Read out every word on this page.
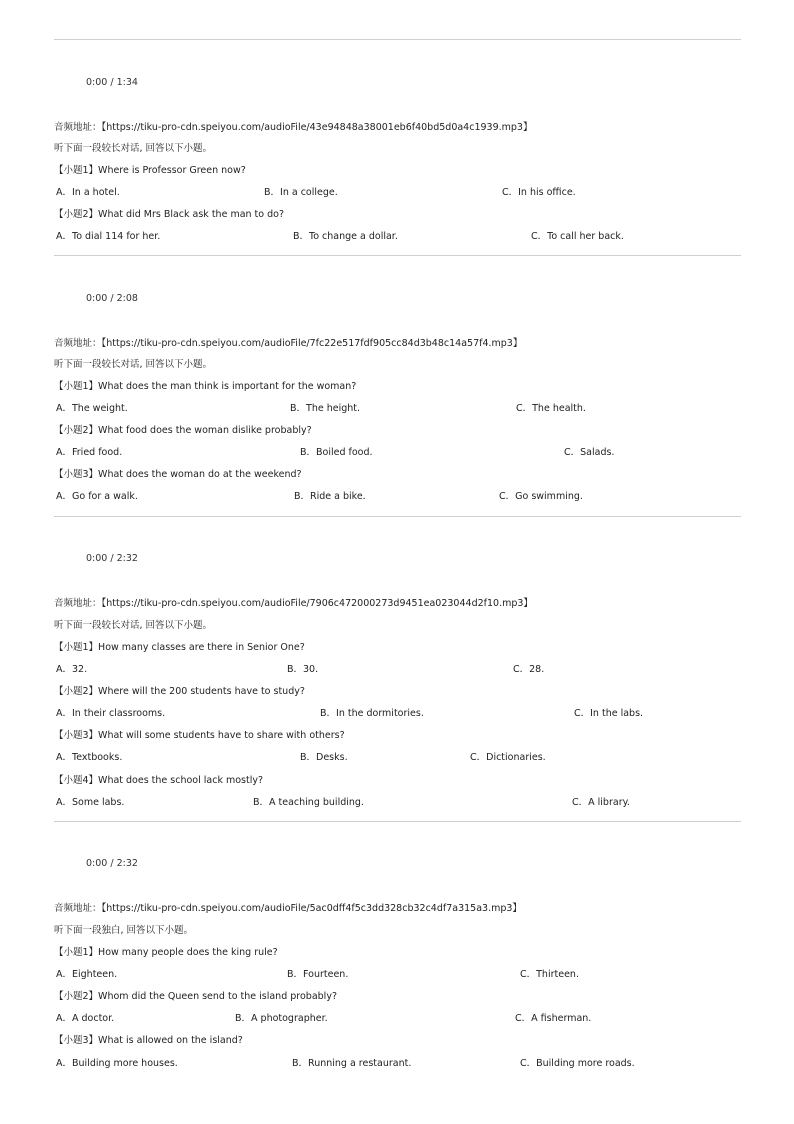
0:00 / 1:34
音频地址：【https://tiku-pro-cdn.speiyou.com/audioFile/43e94848a38001eb6f40bd5d0a4c1939.mp3】
听下面一段较长对话, 回答以下小题。
【小题1】Where is Professor Green now?
A．In a hotel.	B．In a college.	C．In his office.
【小题2】What did Mrs Black ask the man to do?
A．To dial 114 for her.	B．To change a dollar.	C．To call her back.
0:00 / 2:08
音频地址：【https://tiku-pro-cdn.speiyou.com/audioFile/7fc22e517fdf905cc84d3b48c14a57f4.mp3】
听下面一段较长对话, 回答以下小题。
【小题1】What does the man think is important for the woman?
A．The weight.	B．The height.	C．The health.
【小题2】What food does the woman dislike probably?
A．Fried food.	B．Boiled food.	C．Salads.
【小题3】What does the woman do at the weekend?
A．Go for a walk.	B．Ride a bike.	C．Go swimming.
0:00 / 2:32
音频地址：【https://tiku-pro-cdn.speiyou.com/audioFile/7906c472000273d9451ea023044d2f10.mp3】
听下面一段较长对话, 回答以下小题。
【小题1】How many classes are there in Senior One?
A．32.	B．30.	C．28.
【小题2】Where will the 200 students have to study?
A．In their classrooms.	B．In the dormitories.	C．In the labs.
【小题3】What will some students have to share with others?
A．Textbooks.	B．Desks.	C．Dictionaries.
【小题4】What does the school lack mostly?
A．Some labs.	B．A teaching building.	C．A library.
0:00 / 2:32
音频地址：【https://tiku-pro-cdn.speiyou.com/audioFile/5ac0dff4f5c3dd328cb32c4df7a315a3.mp3】
听下面一段独白, 回答以下小题。
【小题1】How many people does the king rule?
A．Eighteen.	B．Fourteen.	C．Thirteen.
【小题2】Whom did the Queen send to the island probably?
A．A doctor.	B．A photographer.	C．A fisherman.
【小题3】What is allowed on the island?
A．Building more houses.	B．Running a restaurant.	C．Building more roads.
